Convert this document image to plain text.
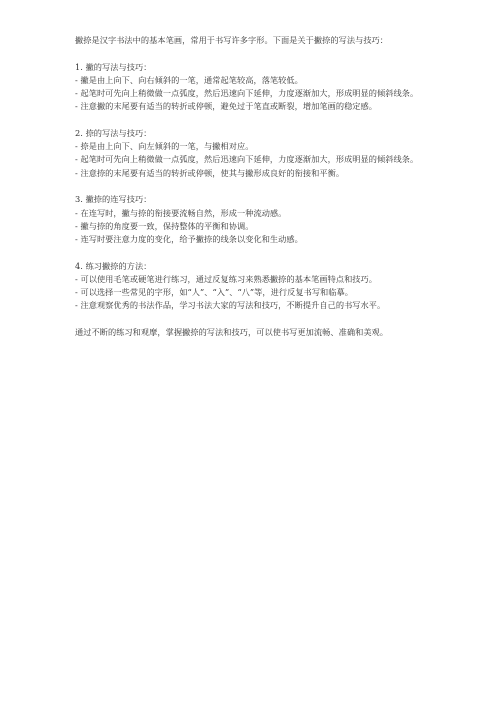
撇捺是汉字书法中的基本笔画，常用于书写许多字形。下面是关于撇捺的写法与技巧：

1. 撇的写法与技巧：

- 撇是由上向下、向右倾斜的一笔，通常起笔较高，落笔较低。

- 起笔时可先向上稍微做一点弧度，然后迅速向下延伸，力度逐渐加大，形成明显的倾斜线条。

- 注意撇的末尾要有适当的转折或停顿，避免过于笔直或断裂，增加笔画的稳定感。

2. 捺的写法与技巧：

- 捺是由上向下、向左倾斜的一笔，与撇相对应。

- 起笔时可先向上稍微做一点弧度，然后迅速向下延伸，力度逐渐加大，形成明显的倾斜线条。

- 注意捺的末尾要有适当的转折或停顿，使其与撇形成良好的衔接和平衡。

3. 撇捺的连写技巧：

- 在连写时，撇与捺的衔接要流畅自然，形成一种流动感。

- 撇与捺的角度要一致，保持整体的平衡和协调。

- 连写时要注意力度的变化，给予撇捺的线条以变化和生动感。

4. 练习撇捺的方法：

- 可以使用毛笔或硬笔进行练习，通过反复练习来熟悉撇捺的基本笔画特点和技巧。

- 可以选择一些常见的字形，如“人”、“入”、“八”等，进行反复书写和临摹。

- 注意观察优秀的书法作品，学习书法大家的写法和技巧，不断提升自己的书写水平。

通过不断的练习和观摩，掌握撇捺的写法和技巧，可以使书写更加流畅、准确和美观。
